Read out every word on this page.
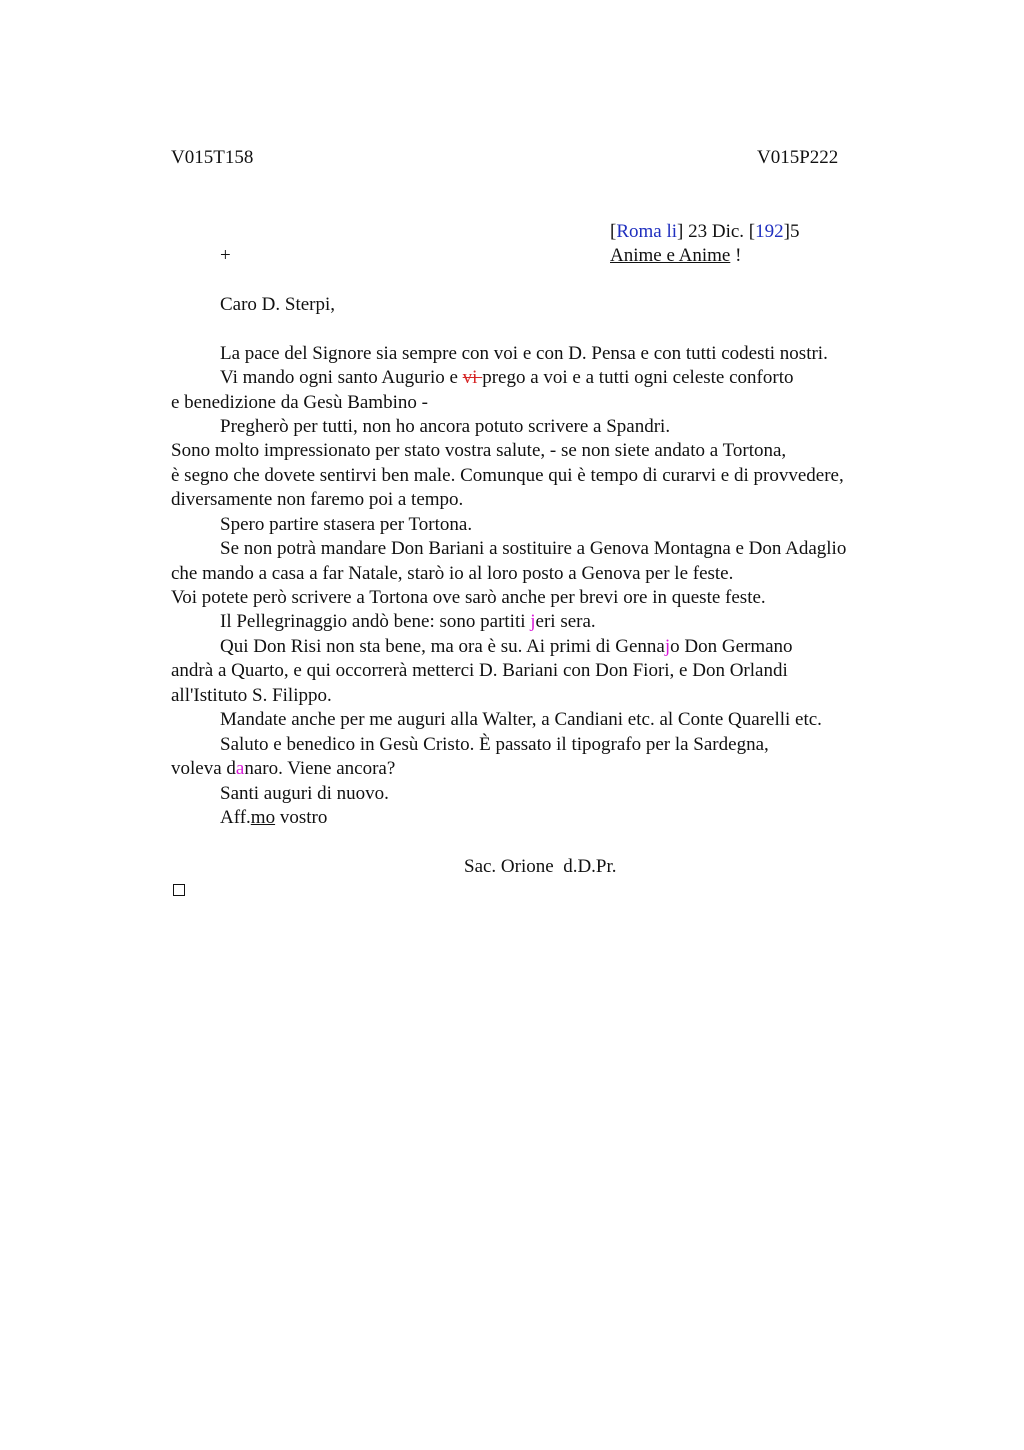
V015T158	V015P222
[Roma li] 23 Dic. [192]5
+	Anime e Anime !
Caro D. Sterpi,
La pace del Signore sia sempre con voi e con D. Pensa e con tutti codesti nostri.
Vi mando ogni santo Augurio e vi prego a voi e a tutti ogni celeste conforto
e benedizione da Gesù Bambino -
Pregherò per tutti, non ho ancora potuto scrivere a Spandri.
Sono molto impressionato per stato vostra salute, - se non siete andato a Tortona,
è segno che dovete sentirvi ben male. Comunque qui è tempo di curarvi e di provvedere,
diversamente non faremo poi a tempo.
Spero partire stasera per Tortona.
Se non potrà mandare Don Bariani a sostituire a Genova Montagna e Don Adaglio
che mando a casa a far Natale, starò io al loro posto a Genova per le feste.
Voi potete però scrivere a Tortona ove sarò anche per brevi ore in queste feste.
Il Pellegrinaggio andò bene: sono partiti jeri sera.
Qui Don Risi non sta bene, ma ora è su. Ai primi di Gennajo Don Germano
andrà a Quarto, e qui occorrerà metterci D. Bariani con Don Fiori, e Don Orlandi
all'Istituto S. Filippo.
Mandate anche per me auguri alla Walter, a Candiani etc. al Conte Quarelli etc.
Saluto e benedico in Gesù Cristo. È passato il tipografo per la Sardegna,
voleva danaro. Viene ancora?
Santi auguri di nuovo.
Aff.mo vostro
Sac. Orione  d.D.Pr.
